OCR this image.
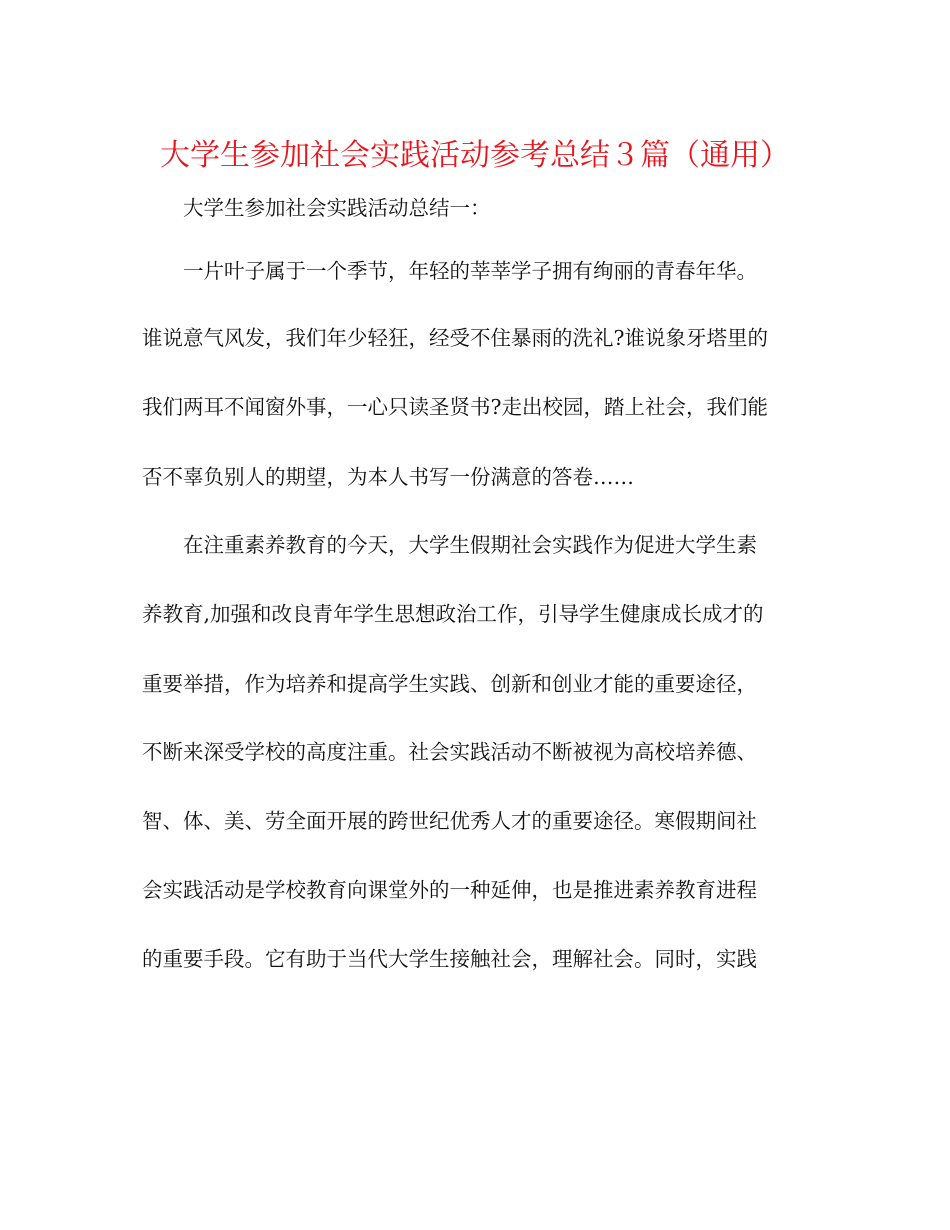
大学生参加社会实践活动参考总结３篇（通用）
大学生参加社会实践活动总结一：
一片叶子属于一个季节，年轻的莘莘学子拥有绚丽的青春年华。
谁说意气风发，我们年少轻狂，经受不住暴雨的洗礼?谁说象牙塔里的
我们两耳不闻窗外事，一心只读圣贤书?走出校园，踏上社会，我们能
否不辜负别人的期望，为本人书写一份满意的答卷……
在注重素养教育的今天，大学生假期社会实践作为促进大学生素
养教育,加强和改良青年学生思想政治工作，引导学生健康成长成才的
重要举措，作为培养和提高学生实践、创新和创业才能的重要途径，
不断来深受学校的高度注重。社会实践活动不断被视为高校培养德、
智、体、美、劳全面开展的跨世纪优秀人才的重要途径。寒假期间社
会实践活动是学校教育向课堂外的一种延伸，也是推进素养教育进程
的重要手段。它有助于当代大学生接触社会，理解社会。同时，实践
